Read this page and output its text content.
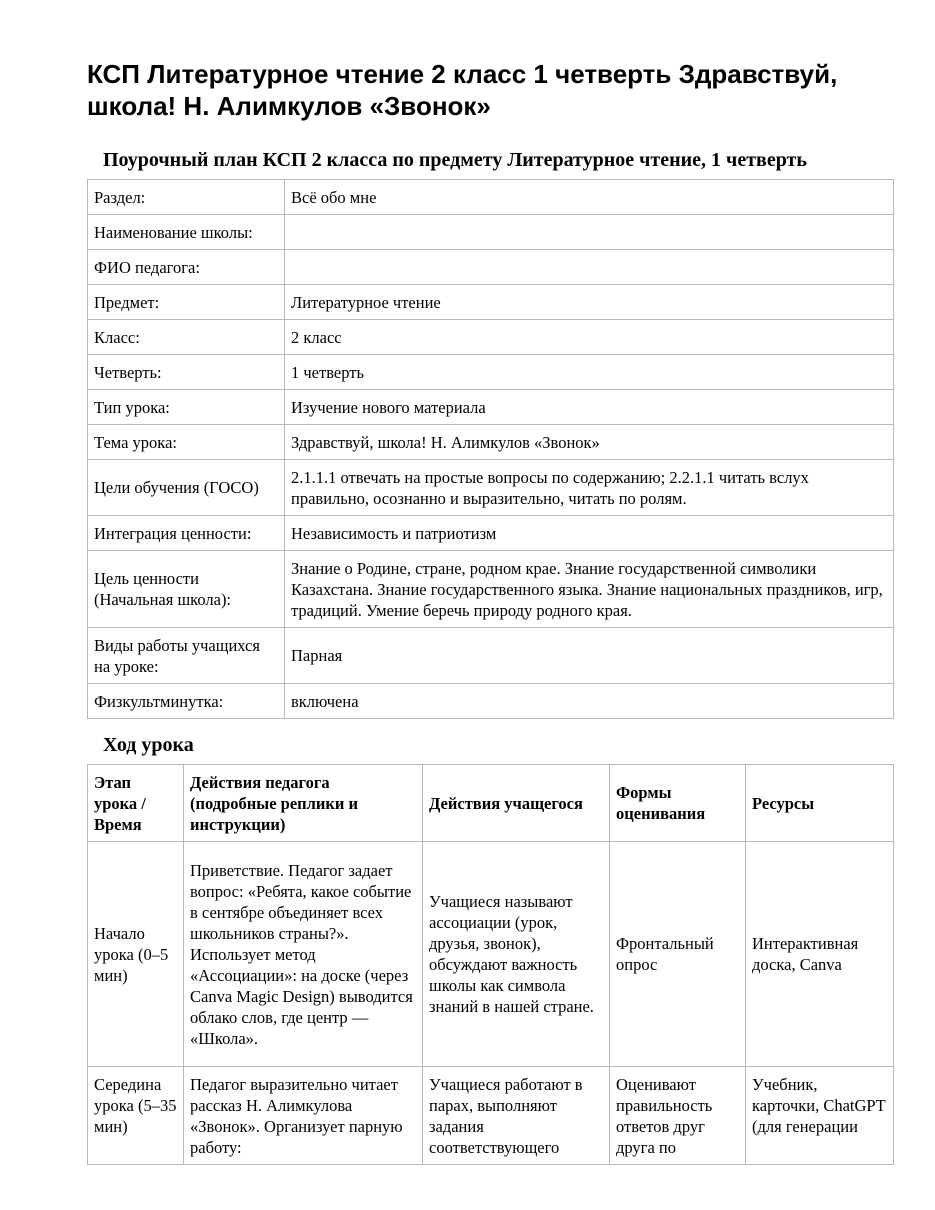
КСП Литературное чтение 2 класс 1 четверть Здравствуй, школа! Н. Алимкулов «Звонок»
Поурочный план КСП 2 класса по предмету Литературное чтение, 1 четверть
Раздел:	Всё обо мне
Наименование школы:	
ФИО педагога:	
Предмет:	Литературное чтение
Класс:	2 класс
Четверть:	1 четверть
Тип урока:	Изучение нового материала
Тема урока:	Здравствуй, школа! Н. Алимкулов «Звонок»
Цели обучения (ГОСО)	2.1.1.1 отвечать на простые вопросы по содержанию; 2.2.1.1 читать вслух правильно, осознанно и выразительно, читать по ролям.
Интеграция ценности:	Независимость и патриотизм
Цель ценности (Начальная школа):	Знание о Родине, стране, родном крае. Знание государственной символики Казахстана. Знание государственного языка. Знание национальных праздников, игр, традиций. Умение беречь природу родного края.
Виды работы учащихся на уроке:	Парная
Физкультминутка:	включена
Ход урока
Этап урока / Время	Действия педагога (подробные реплики и инструкции)	Действия учащегося	Формы оценивания	Ресурсы
Начало урока (0–5 мин)	Приветствие. Педагог задает вопрос: «Ребята, какое событие в сентябре объединяет всех школьников страны?». Использует метод «Ассоциации»: на доске (через Canva Magic Design) выводится облако слов, где центр — «Школа».	Учащиеся называют ассоциации (урок, друзья, звонок), обсуждают важность школы как символа знаний в нашей стране.	Фронтальный опрос	Интерактивная доска, Canva
Середина урока (5–35 мин)	Педагог выразительно читает рассказ Н. Алимкулова «Звонок». Организует парную работу:	Учащиеся работают в парах, выполняют задания соответствующего	Оценивают правильность ответов друг друга по	Учебник, карточки, ChatGPT (для генерации
